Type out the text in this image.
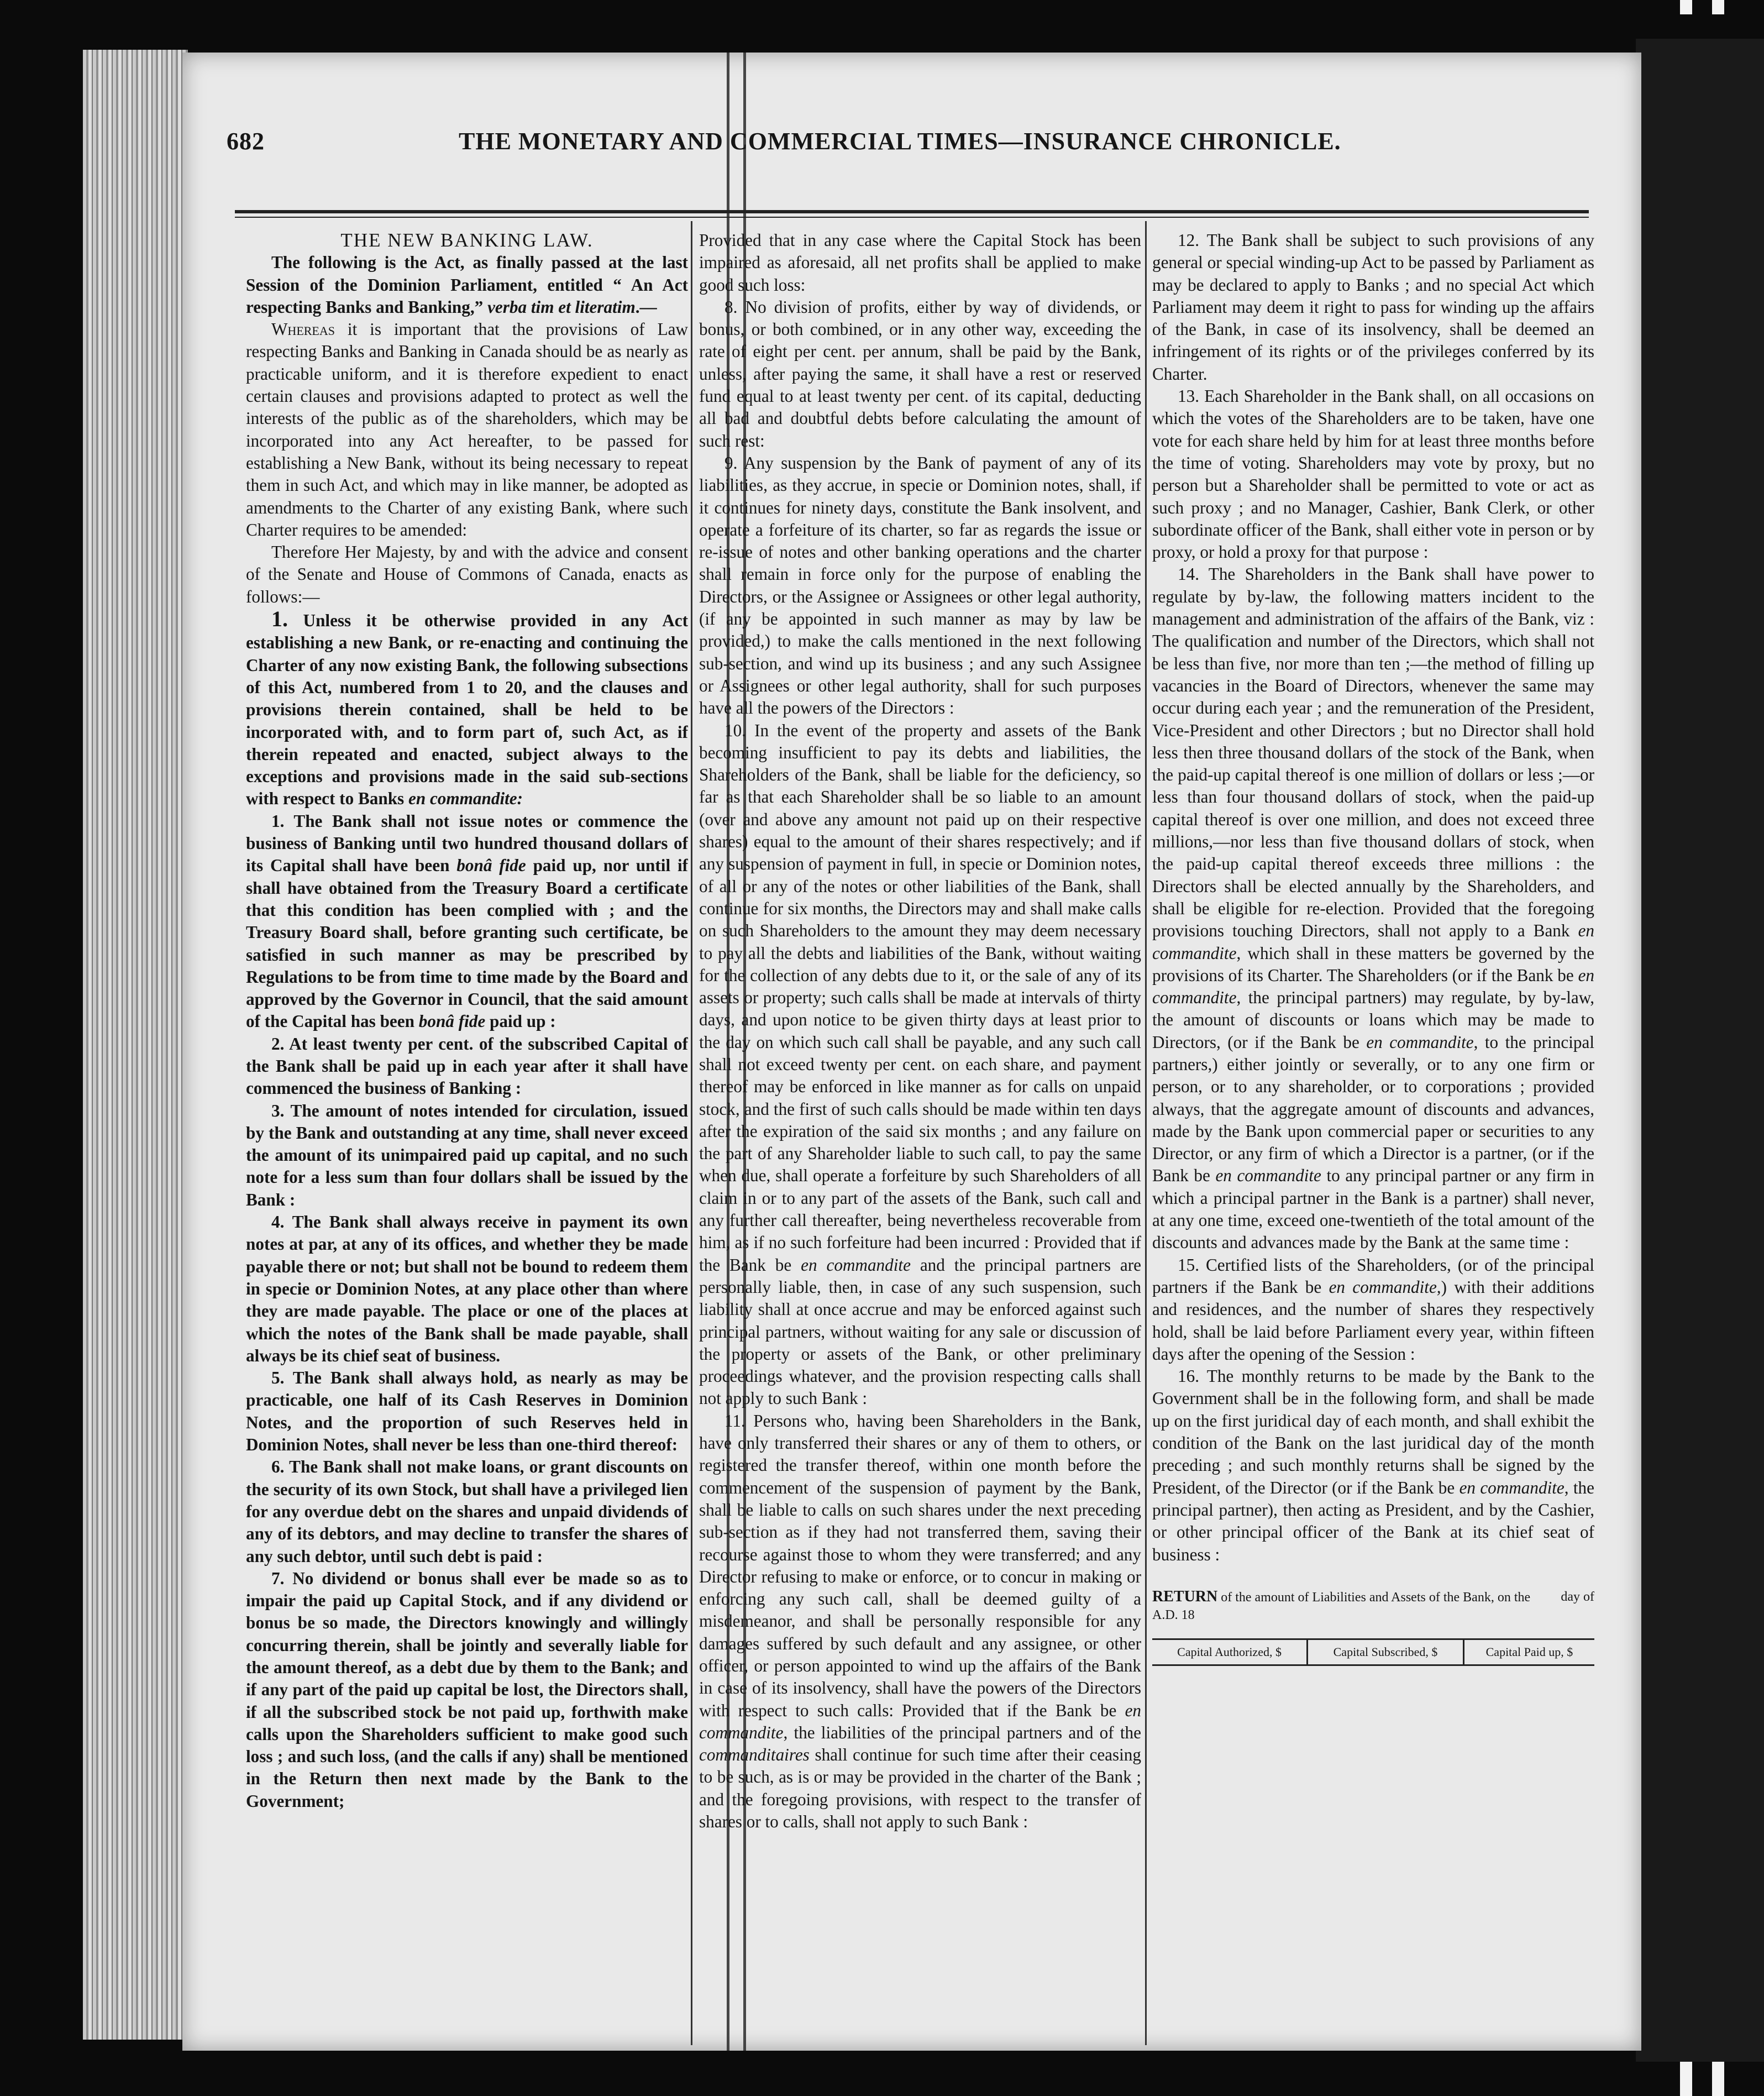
682	THE MONETARY AND COMMERCIAL TIMES—INSURANCE CHRONICLE.

THE NEW BANKING LAW.

The following is the Act, as finally passed at the last Session of the Dominion Parliament, entitled “ An Act respecting Banks and Banking,” verba tim et literatim.—

Whereas it is important that the provisions of Law respecting Banks and Banking in Canada should be as nearly as practicable uniform, and it is therefore expedient to enact certain clauses and provisions adapted to protect as well the interests of the public as of the shareholders, which may be incorporated into any Act hereafter, to be passed for establishing a New Bank, without its being necessary to repeat them in such Act, and which may in like manner, be adopted as amendments to the Charter of any existing Bank, where such Charter requires to be amended:

Therefore Her Majesty, by and with the advice and consent of the Senate and House of Commons of Canada, enacts as follows:—

1. Unless it be otherwise provided in any Act establishing a new Bank, or re-enacting and continuing the Charter of any now existing Bank, the following subsections of this Act, numbered from 1 to 20, and the clauses and provisions therein contained, shall be held to be incorporated with, and to form part of, such Act, as if therein repeated and enacted, subject always to the exceptions and provisions made in the said sub-sections with respect to Banks en commandite:

1. The Bank shall not issue notes or commence the business of Banking until two hundred thousand dollars of its Capital shall have been bonâ fide paid up, nor until if shall have obtained from the Treasury Board a certificate that this condition has been complied with ; and the Treasury Board shall, before granting such certificate, be satisfied in such manner as may be prescribed by Regulations to be from time to time made by the Board and approved by the Governor in Council, that the said amount of the Capital has been bonâ fide paid up :

2. At least twenty per cent. of the subscribed Capital of the Bank shall be paid up in each year after it shall have commenced the business of Banking :

3. The amount of notes intended for circulation, issued by the Bank and outstanding at any time, shall never exceed the amount of its unimpaired paid up capital, and no such note for a less sum than four dollars shall be issued by the Bank :

4. The Bank shall always receive in payment its own notes at par, at any of its offices, and whether they be made payable there or not; but shall not be bound to redeem them in specie or Dominion Notes, at any place other than where they are made payable. The place or one of the places at which the notes of the Bank shall be made payable, shall always be its chief seat of business.

5. The Bank shall always hold, as nearly as may be practicable, one half of its Cash Reserves in Dominion Notes, and the proportion of such Reserves held in Dominion Notes, shall never be less than one-third thereof:

6. The Bank shall not make loans, or grant discounts on the security of its own Stock, but shall have a privileged lien for any overdue debt on the shares and unpaid dividends of any of its debtors, and may decline to transfer the shares of any such debtor, until such debt is paid :

7. No dividend or bonus shall ever be made so as to impair the paid up Capital Stock, and if any dividend or bonus be so made, the Directors knowingly and willingly concurring therein, shall be jointly and severally liable for the amount thereof, as a debt due by them to the Bank; and if any part of the paid up capital be lost, the Directors shall, if all the subscribed stock be not paid up, forthwith make calls upon the Shareholders sufficient to make good such loss ; and such loss, (and the calls if any) shall be mentioned in the Return then next made by the Bank to the Government;

Provided that in any case where the Capital Stock has been impaired as aforesaid, all net profits shall be applied to make good such loss:

8. No division of profits, either by way of dividends, or bonus, or both combined, or in any other way, exceeding the rate of eight per cent. per annum, shall be paid by the Bank, unless, after paying the same, it shall have a rest or reserved fund equal to at least twenty per cent. of its capital, deducting all bad and doubtful debts before calculating the amount of such rest:

9. Any suspension by the Bank of payment of any of its liabilities, as they accrue, in specie or Dominion notes, shall, if it continues for ninety days, constitute the Bank insolvent, and operate a forfeiture of its charter, so far as regards the issue or re-issue of notes and other banking operations and the charter shall remain in force only for the purpose of enabling the Directors, or the Assignee or Assignees or other legal authority, (if any be appointed in such manner as may by law be provided,) to make the calls mentioned in the next following sub-section, and wind up its business ; and any such Assignee or Assignees or other legal authority, shall for such purposes have all the powers of the Directors :

10. In the event of the property and assets of the Bank becoming insufficient to pay its debts and liabilities, the Shareholders of the Bank, shall be liable for the deficiency, so far as that each Shareholder shall be so liable to an amount (over and above any amount not paid up on their respective shares) equal to the amount of their shares respectively; and if any suspension of payment in full, in specie or Dominion notes, of all or any of the notes or other liabilities of the Bank, shall continue for six months, the Directors may and shall make calls on such Shareholders to the amount they may deem necessary to pay all the debts and liabilities of the Bank, without waiting for the collection of any debts due to it, or the sale of any of its assets or property; such calls shall be made at intervals of thirty days, and upon notice to be given thirty days at least prior to the day on which such call shall be payable, and any such call shall not exceed twenty per cent. on each share, and payment thereof may be enforced in like manner as for calls on unpaid stock, and the first of such calls should be made within ten days after the expiration of the said six months ; and any failure on the part of any Shareholder liable to such call, to pay the same when due, shall operate a forfeiture by such Shareholders of all claim in or to any part of the assets of the Bank, such call and any further call thereafter, being nevertheless recoverable from him, as if no such forfeiture had been incurred : Provided that if the Bank be en commandite and the principal partners are personally liable, then, in case of any such suspension, such liability shall at once accrue and may be enforced against such principal partners, without waiting for any sale or discussion of the property or assets of the Bank, or other preliminary proceedings whatever, and the provision respecting calls shall not apply to such Bank :

11. Persons who, having been Shareholders in the Bank, have only transferred their shares or any of them to others, or registered the transfer thereof, within one month before the commencement of the suspension of payment by the Bank, shall be liable to calls on such shares under the next preceding sub-section as if they had not transferred them, saving their recourse against those to whom they were transferred; and any Director refusing to make or enforce, or to concur in making or enforcing any such call, shall be deemed guilty of a misdemeanor, and shall be personally responsible for any damages suffered by such default and any assignee, or other officer, or person appointed to wind up the affairs of the Bank in case of its insolvency, shall have the powers of the Directors with respect to such calls: Provided that if the Bank be en commandite, the liabilities of the principal partners and of the commanditaires shall continue for such time after their ceasing to be such, as is or may be provided in the charter of the Bank ; and the foregoing provisions, with respect to the transfer of shares or to calls, shall not apply to such Bank :

12. The Bank shall be subject to such provisions of any general or special winding-up Act to be passed by Parliament as may be declared to apply to Banks ; and no special Act which Parliament may deem it right to pass for winding up the affairs of the Bank, in case of its insolvency, shall be deemed an infringement of its rights or of the privileges conferred by its Charter.

13. Each Shareholder in the Bank shall, on all occasions on which the votes of the Shareholders are to be taken, have one vote for each share held by him for at least three months before the time of voting. Shareholders may vote by proxy, but no person but a Shareholder shall be permitted to vote or act as such proxy ; and no Manager, Cashier, Bank Clerk, or other subordinate officer of the Bank, shall either vote in person or by proxy, or hold a proxy for that purpose :

14. The Shareholders in the Bank shall have power to regulate by by-law, the following matters incident to the management and administration of the affairs of the Bank, viz : The qualification and number of the Directors, which shall not be less than five, nor more than ten ;—the method of filling up vacancies in the Board of Directors, whenever the same may occur during each year ; and the remuneration of the President, Vice-President and other Directors ; but no Director shall hold less then three thousand dollars of the stock of the Bank, when the paid-up capital thereof is one million of dollars or less ;—or less than four thousand dollars of stock, when the paid-up capital thereof is over one million, and does not exceed three millions,—nor less than five thousand dollars of stock, when the paid-up capital thereof exceeds three millions : the Directors shall be elected annually by the Shareholders, and shall be eligible for re-election. Provided that the foregoing provisions touching Directors, shall not apply to a Bank en commandite, which shall in these matters be governed by the provisions of its Charter. The Shareholders (or if the Bank be en commandite, the principal partners) may regulate, by by-law, the amount of discounts or loans which may be made to Directors, (or if the Bank be en commandite, to the principal partners,) either jointly or severally, or to any one firm or person, or to any shareholder, or to corporations ; provided always, that the aggregate amount of discounts and advances, made by the Bank upon commercial paper or securities to any Director, or any firm of which a Director is a partner, (or if the Bank be en commandite to any principal partner or any firm in which a principal partner in the Bank is a partner) shall never, at any one time, exceed one-twentieth of the total amount of the discounts and advances made by the Bank at the same time :

15. Certified lists of the Shareholders, (or of the principal partners if the Bank be en commandite,) with their additions and residences, and the number of shares they respectively hold, shall be laid before Parliament every year, within fifteen days after the opening of the Session :

16. The monthly returns to be made by the Bank to the Government shall be in the following form, and shall be made up on the first juridical day of each month, and shall exhibit the condition of the Bank on the last juridical day of the month preceding ; and such monthly returns shall be signed by the President, of the Director (or if the Bank be en commandite, the principal partner), then acting as President, and by the Cashier, or other principal officer of the Bank at its chief seat of business :

RETURN of the amount of Liabilities and Assets of the Bank, on the day of
A.D. 18
Capital Authorized, $	Capital Subscribed, $	Capital Paid up, $
